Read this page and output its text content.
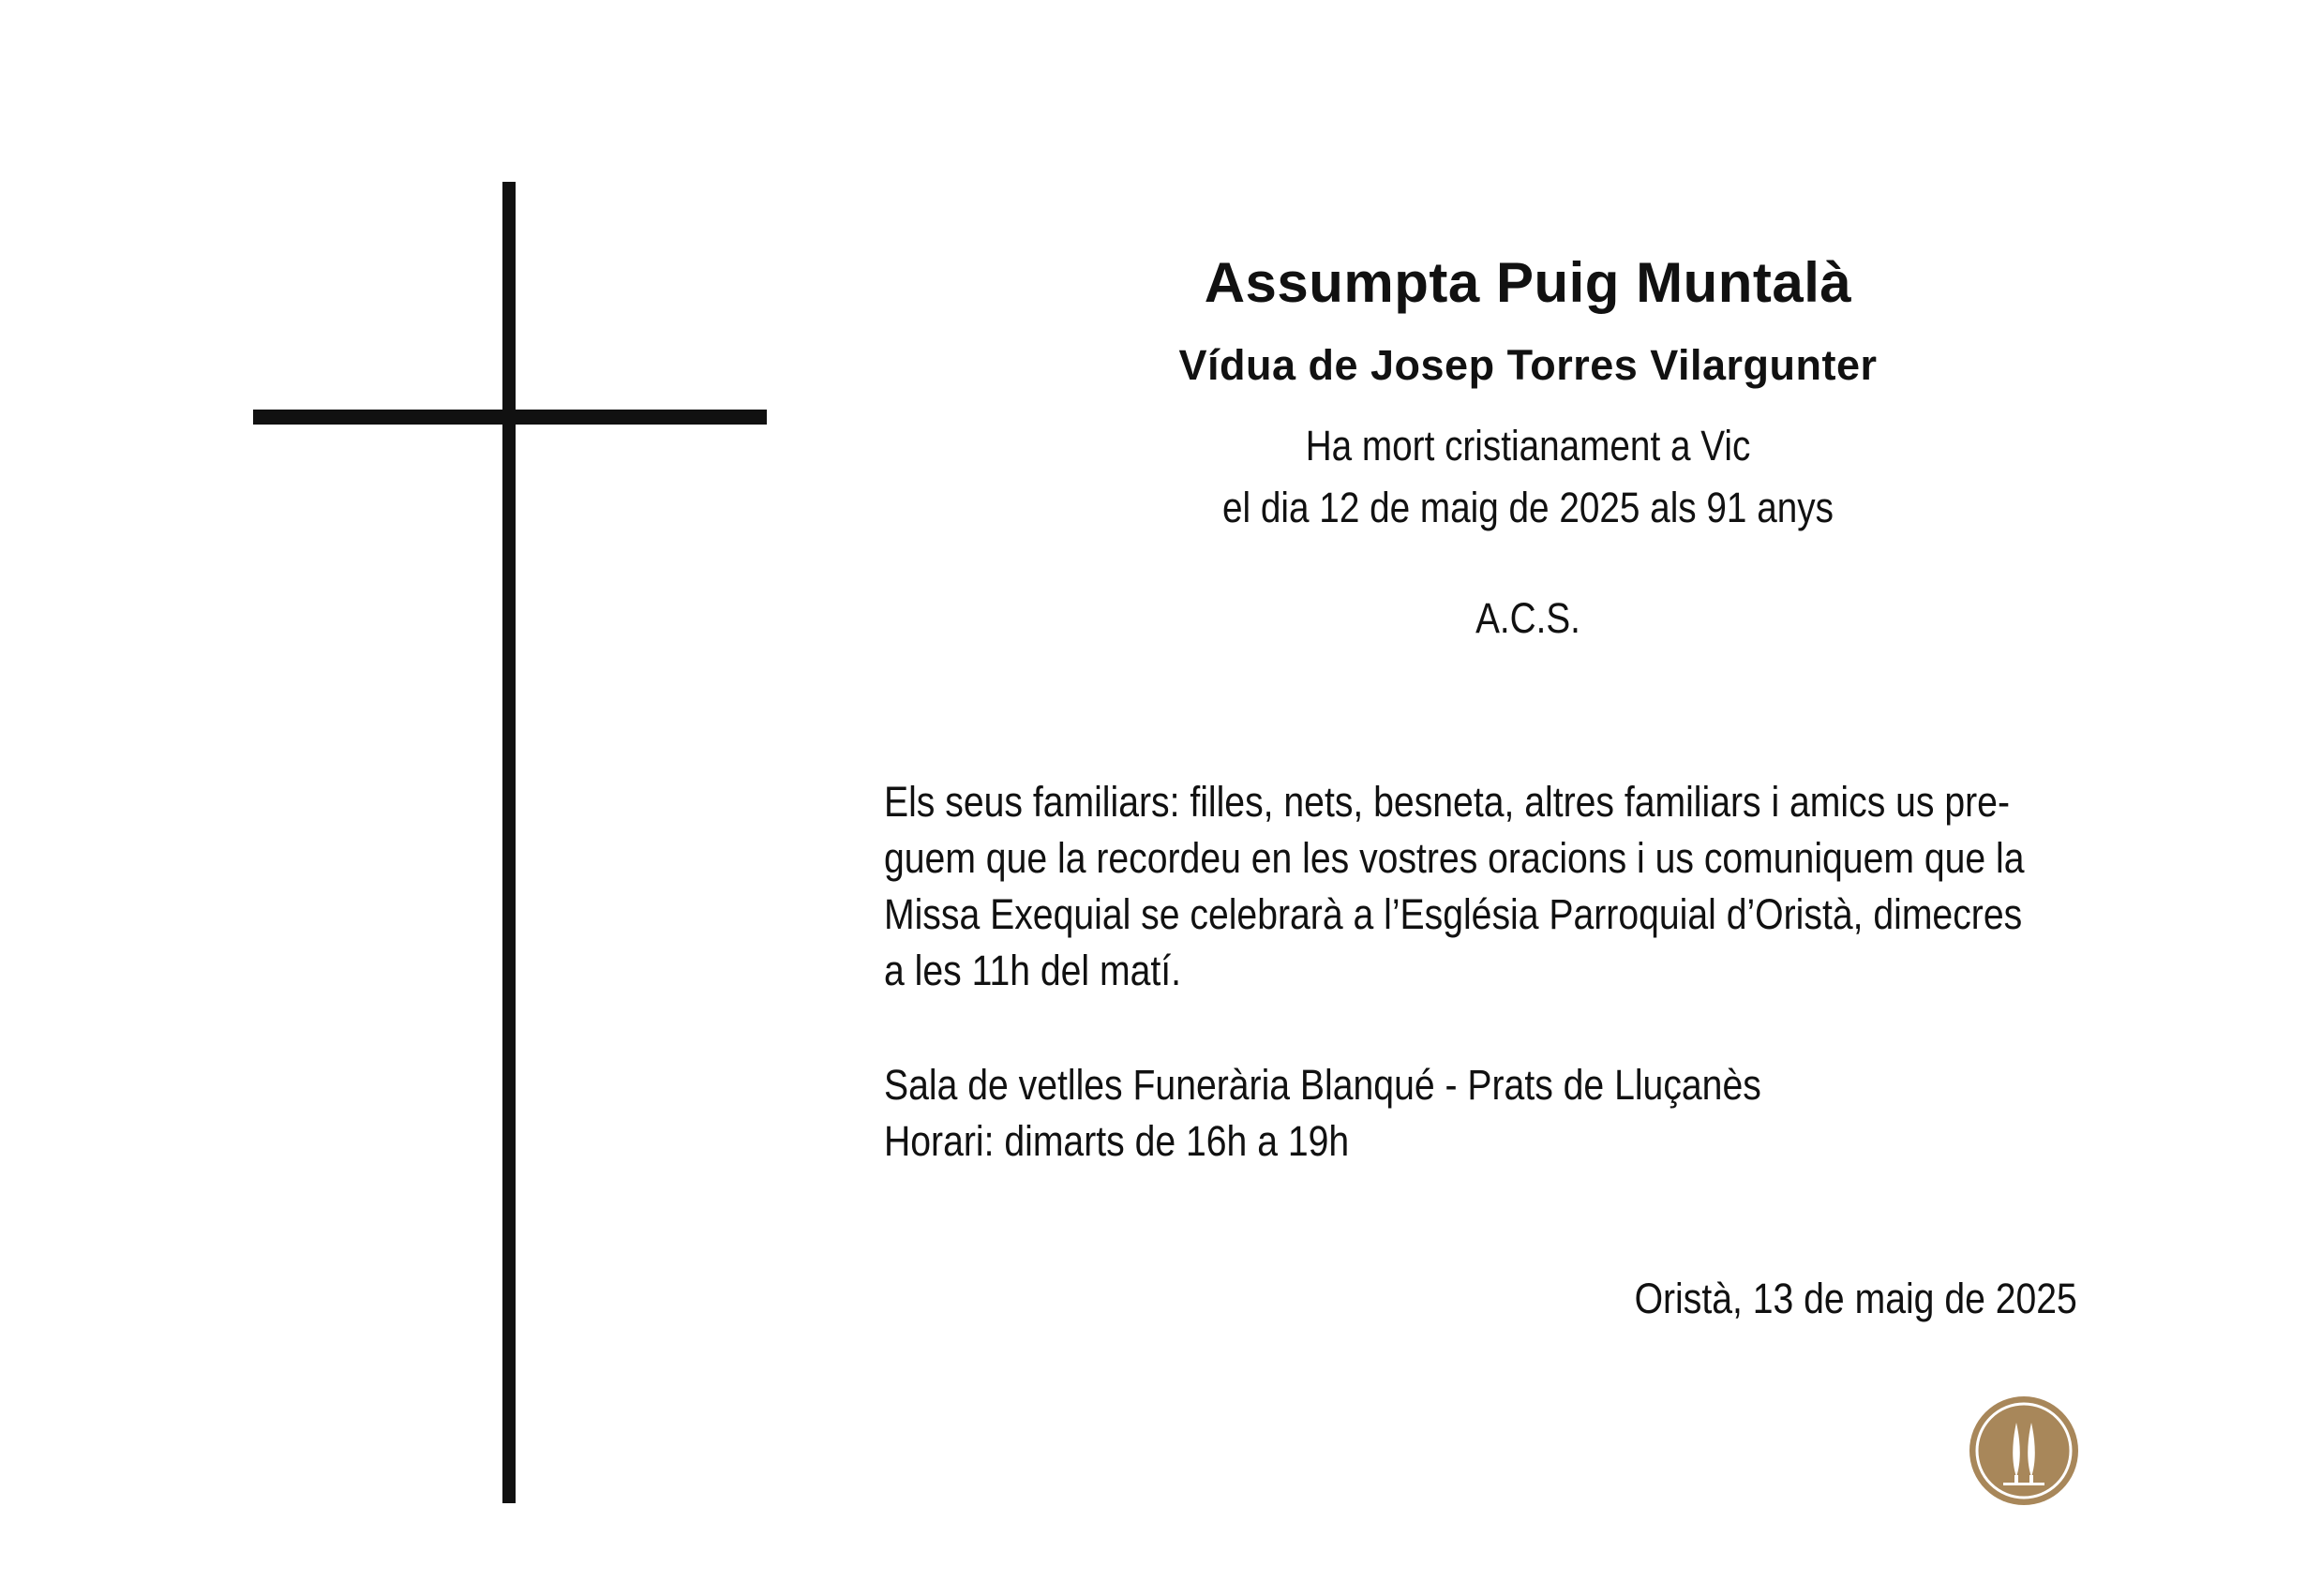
Assumpta Puig Muntalà
Vídua de Josep Torres Vilargunter
Ha mort cristianament a Vic
el dia 12 de maig de 2025 als 91 anys
A.C.S.
Els seus familiars: filles, nets, besneta, altres familiars i amics us pre-
guem que la recordeu en les vostres oracions i us comuniquem que la
Missa Exequial se celebrarà a l’Església Parroquial d’Oristà, dimecres
a les 11h del matí.
Sala de vetlles Funerària Blanqué - Prats de Lluçanès
Horari: dimarts de 16h a 19h
Oristà, 13 de maig de 2025
